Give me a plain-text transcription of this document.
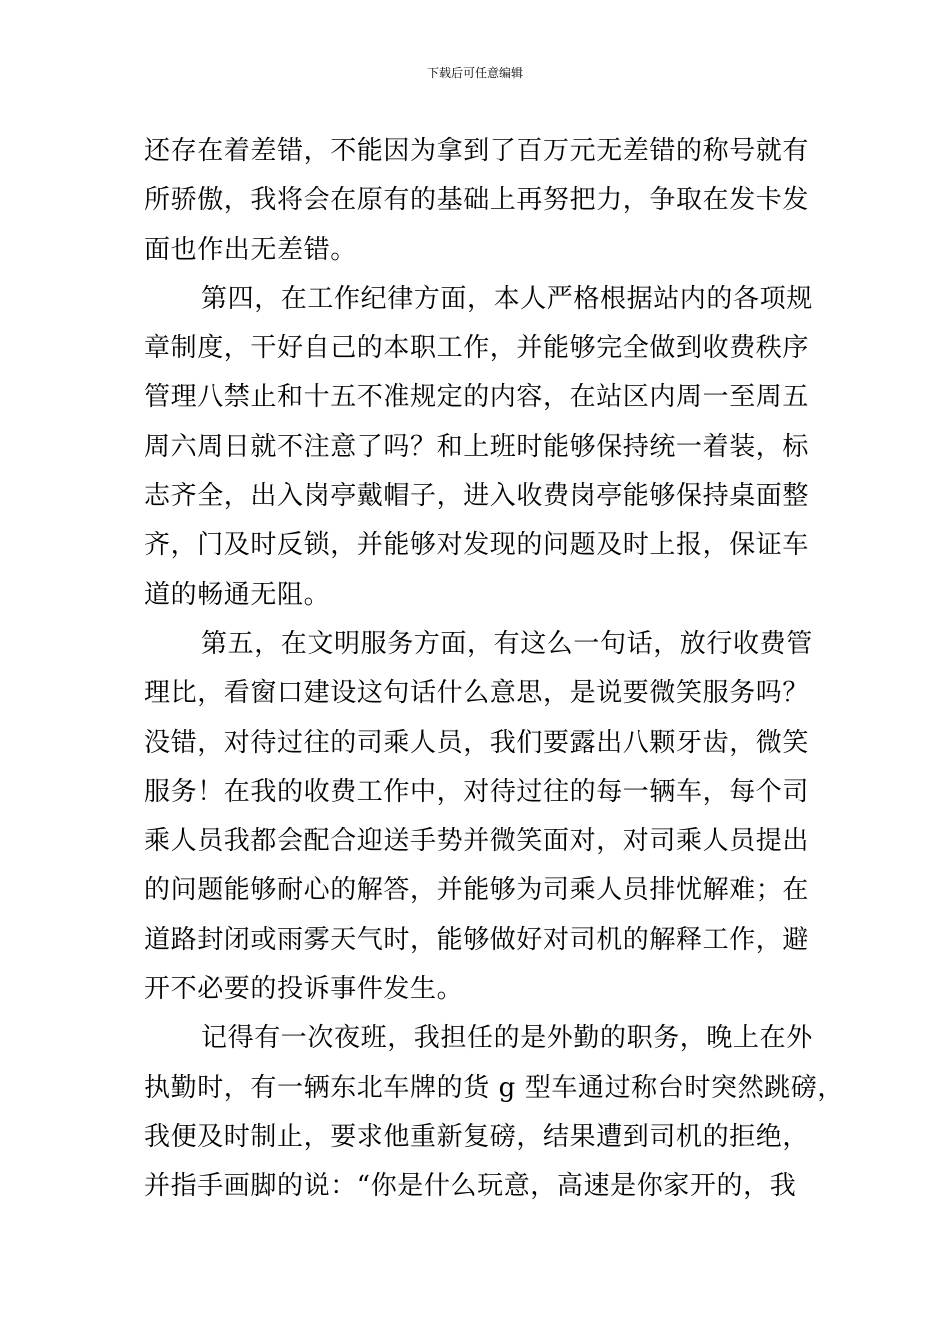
下载后可任意编辑
还存在着差错，不能因为拿到了百万元无差错的称号就有
所骄傲，我将会在原有的基础上再努把力，争取在发卡发
面也作出无差错。
第四，在工作纪律方面，本人严格根据站内的各项规
章制度，干好自己的本职工作，并能够完全做到收费秩序
管理八禁止和十五不准规定的内容，在站区内周一至周五
周六周日就不注意了吗？和上班时能够保持统一着装，标
志齐全，出入岗亭戴帽子，进入收费岗亭能够保持桌面整
齐，门及时反锁，并能够对发现的问题及时上报，保证车
道的畅通无阻。
第五，在文明服务方面，有这么一句话，放行收费管
理比，看窗口建设这句话什么意思，是说要微笑服务吗？
没错，对待过往的司乘人员，我们要露出八颗牙齿，微笑
服务！在我的收费工作中，对待过往的每一辆车，每个司
乘人员我都会配合迎送手势并微笑面对，对司乘人员提出
的问题能够耐心的解答，并能够为司乘人员排忧解难；在
道路封闭或雨雾天气时，能够做好对司机的解释工作，避
开不必要的投诉事件发生。
记得有一次夜班，我担任的是外勤的职务，晚上在外
执勤时，有一辆东北车牌的货 g 型车通过称台时突然跳磅，
我便及时制止，要求他重新复磅，结果遭到司机的拒绝，
并指手画脚的说：“你是什么玩意，高速是你家开的，我
